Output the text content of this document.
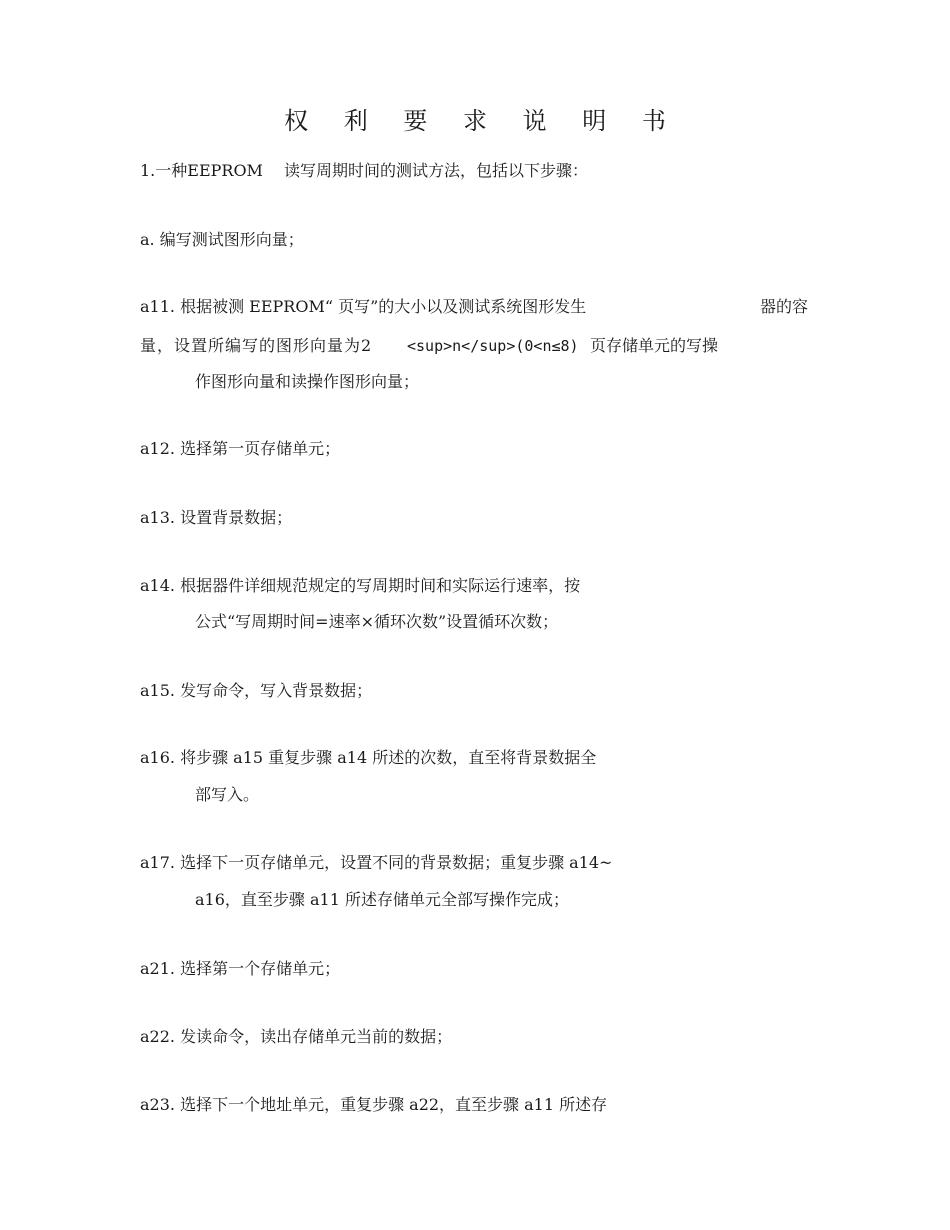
权 利 要 求 说 明 书
1.一种EEPROM　 读写周期时间的测试方法，包括以下步骤：
a. 编写测试图形向量；
a11. 根据被测 EEPROM“ 页写”的大小以及测试系统图形发生	器的容
量，设置所编写的图形向量为2 <sup>n</sup>(0<n≤8) 页存储单元的写操
作图形向量和读操作图形向量；
a12. 选择第一页存储单元；
a13. 设置背景数据；
a14. 根据器件详细规范规定的写周期时间和实际运行速率，按
公式“写周期时间=速率×循环次数”设置循环次数；
a15. 发写命令，写入背景数据；
a16. 将步骤 a15 重复步骤 a14 所述的次数，直至将背景数据全
部写入。
a17. 选择下一页存储单元，设置不同的背景数据；重复步骤 a14~
a16，直至步骤 a11 所述存储单元全部写操作完成；
a21. 选择第一个存储单元；
a22. 发读命令，读出存储单元当前的数据；
a23. 选择下一个地址单元，重复步骤 a22，直至步骤 a11 所述存
